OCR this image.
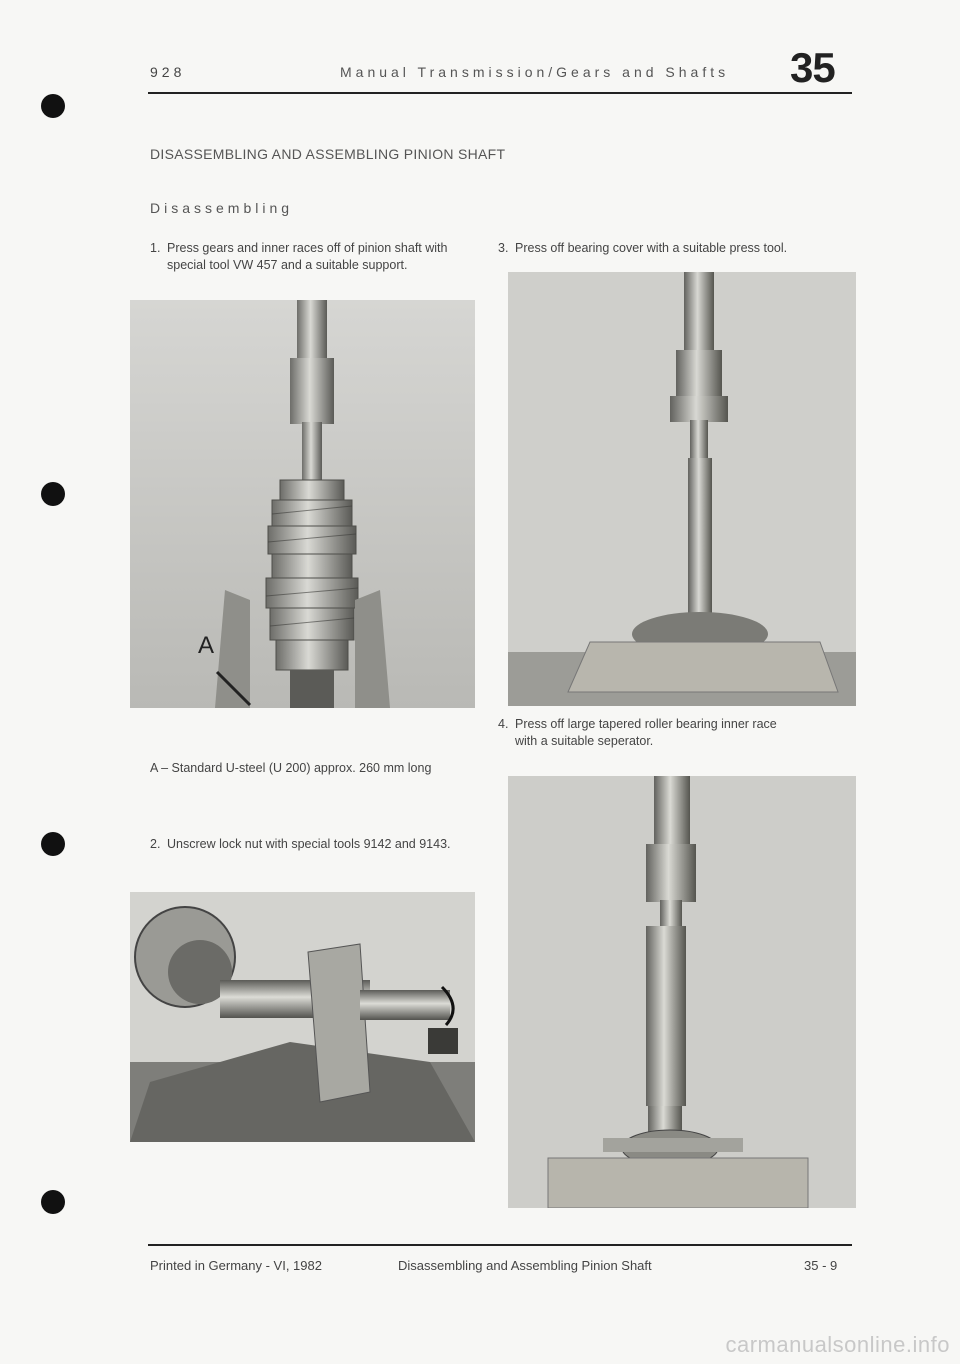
928	Manual Transmission/Gears and Shafts 35
DISASSEMBLING AND ASSEMBLING PINION SHAFT
Disassembling
1. Press gears and inner races off of pinion shaft with
special tool VW 457 and a suitable support.
3. Press off bearing cover with a suitable press tool.
A
4. Press off large tapered roller bearing inner race
with a suitable seperator.
A – Standard U-steel (U 200) approx. 260 mm long
2. Unscrew lock nut with special tools 9142 and 9143.
Printed in Germany - VI, 1982	Disassembling and Assembling Pinion Shaft	35 - 9
carmanualsonline.info
